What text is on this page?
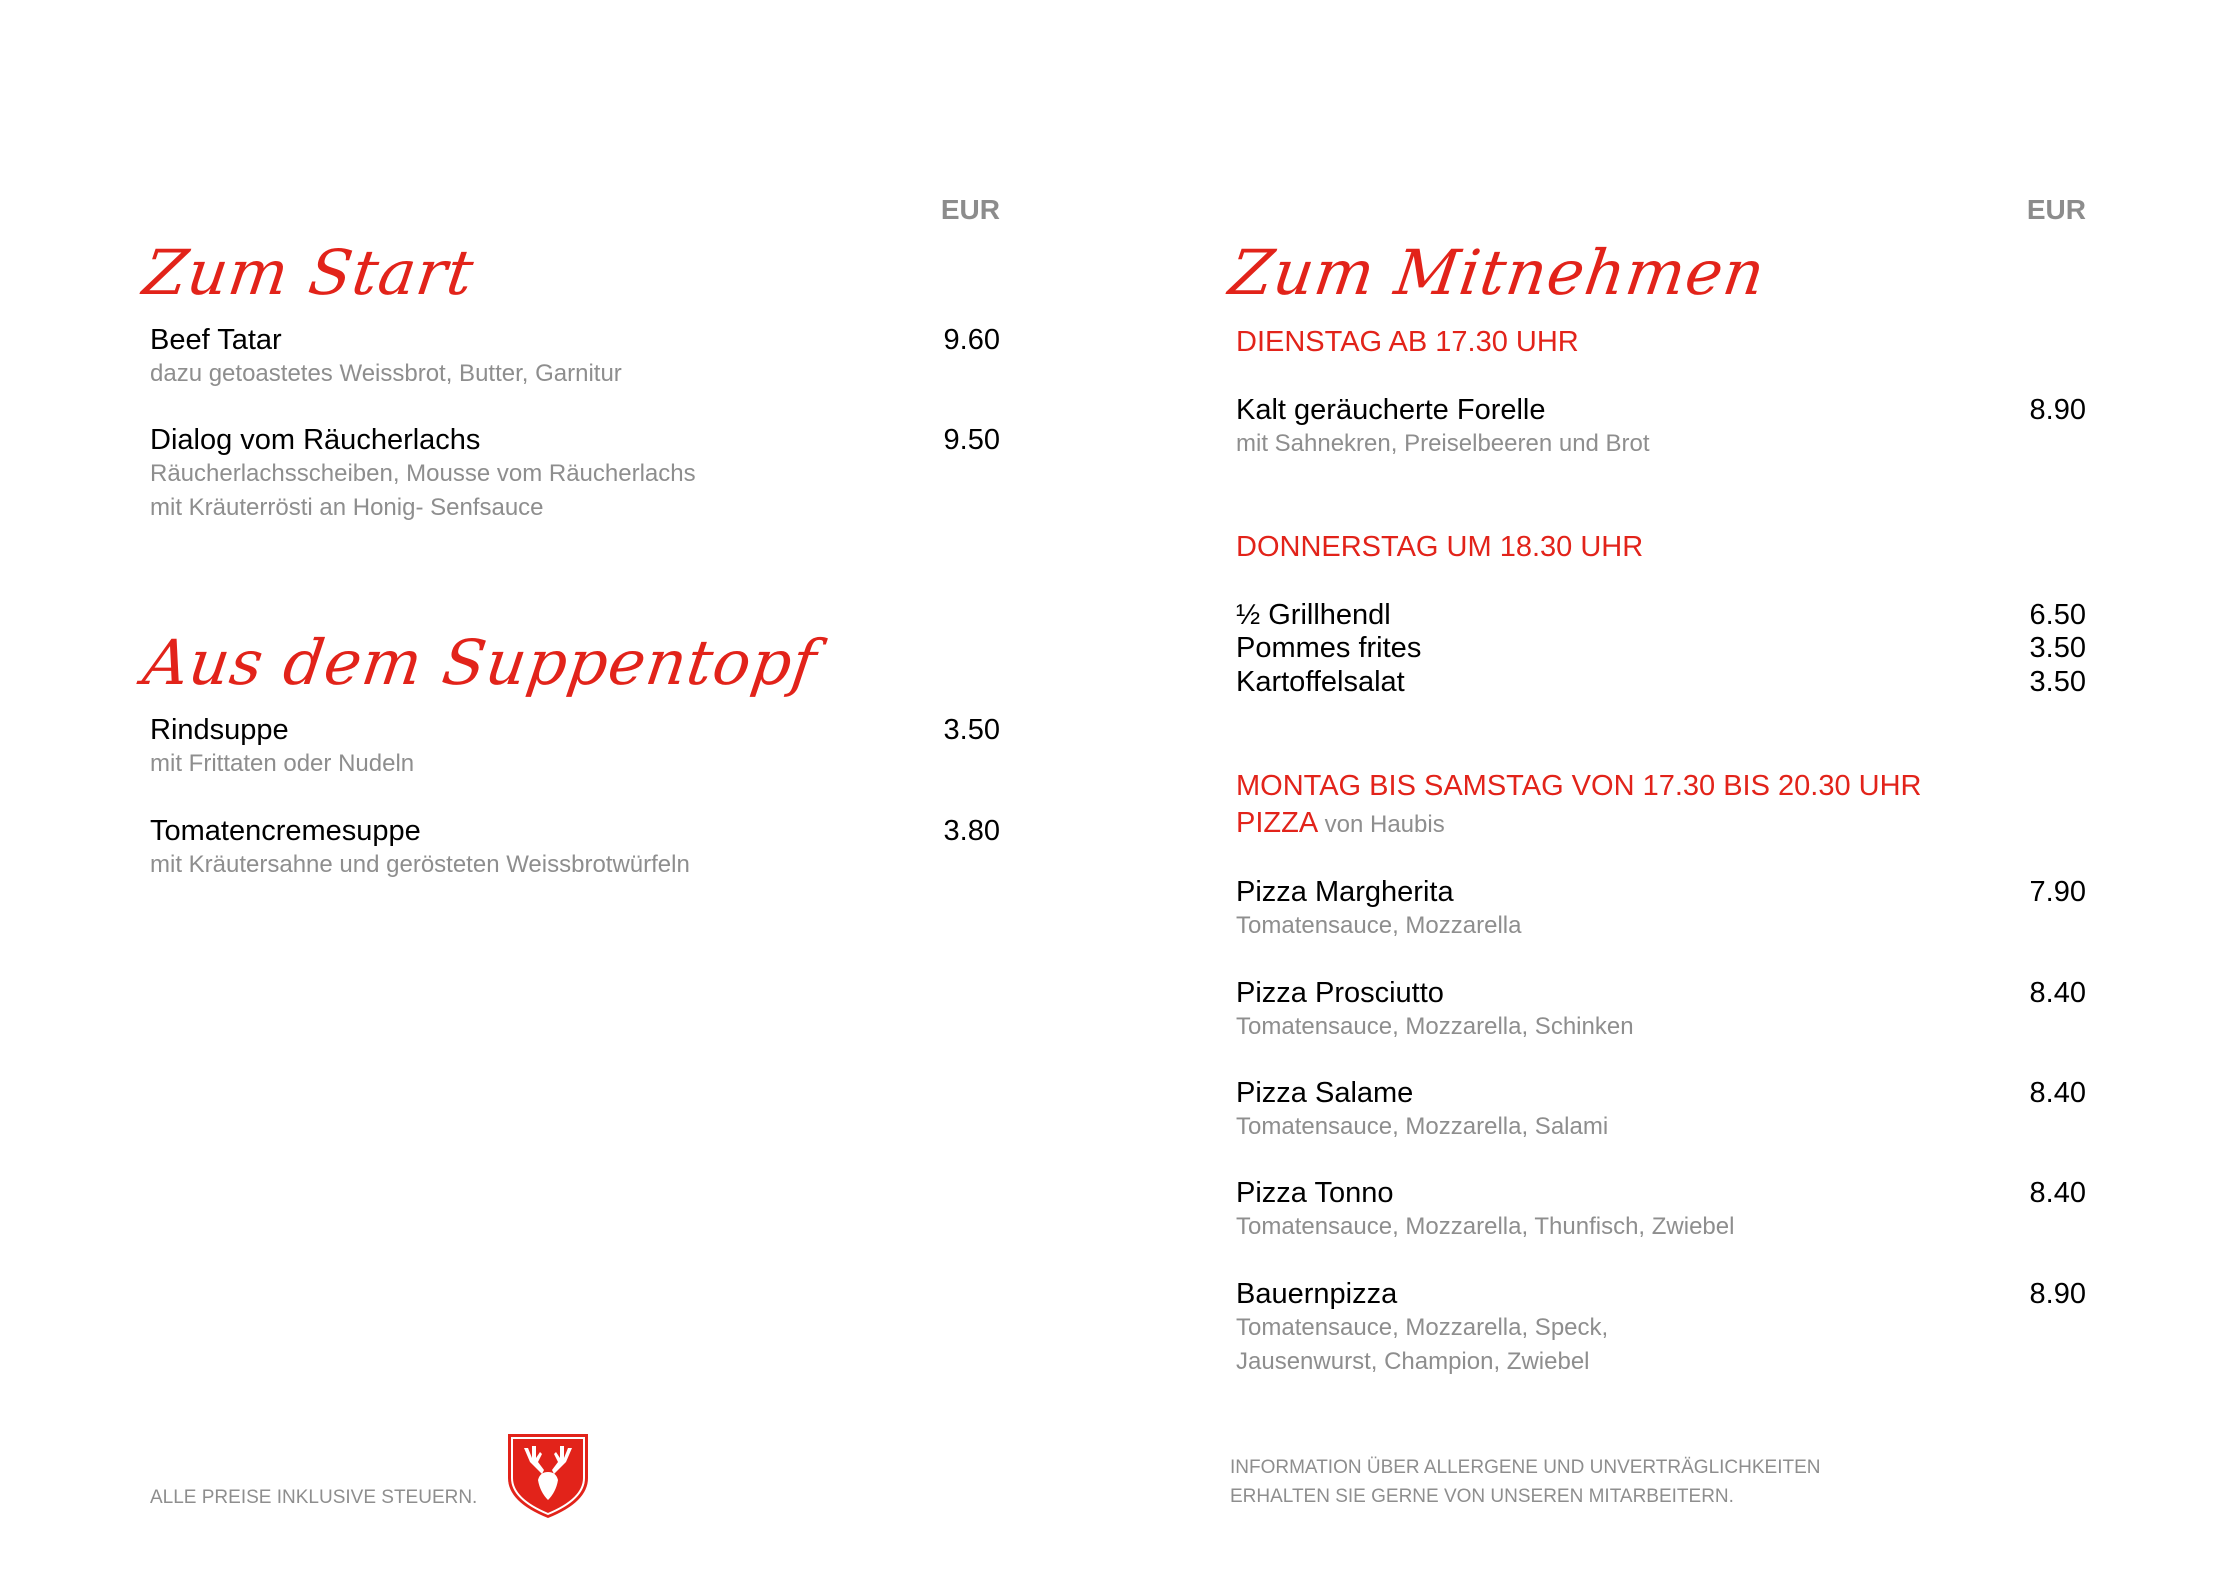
EUR
Zum Start
Beef Tatar	9.60
dazu getoastetes Weissbrot, Butter, Garnitur
Dialog vom Räucherlachs	9.50
Räucherlachsscheiben, Mousse vom Räucherlachs
mit Kräuterrösti an Honig- Senfsauce
Aus dem Suppentopf
Rindsuppe	3.50
mit Frittaten oder Nudeln
Tomatencremesuppe	3.80
mit Kräutersahne und gerösteten Weissbrotwürfeln
ALLE PREISE INKLUSIVE STEUERN.
EUR
Zum Mitnehmen
DIENSTAG AB 17.30 UHR
Kalt geräucherte Forelle	8.90
mit Sahnekren, Preiselbeeren und Brot
DONNERSTAG UM 18.30 UHR
½ Grillhendl	6.50
Pommes frites	3.50
Kartoffelsalat	3.50
MONTAG BIS SAMSTAG VON 17.30 BIS 20.30 UHR
PIZZA von Haubis
Pizza Margherita	7.90
Tomatensauce, Mozzarella
Pizza Prosciutto	8.40
Tomatensauce, Mozzarella, Schinken
Pizza Salame	8.40
Tomatensauce, Mozzarella, Salami
Pizza Tonno	8.40
Tomatensauce, Mozzarella, Thunfisch, Zwiebel
Bauernpizza	8.90
Tomatensauce, Mozzarella, Speck,
Jausenwurst, Champion, Zwiebel
INFORMATION ÜBER ALLERGENE UND UNVERTRÄGLICHKEITEN
ERHALTEN SIE GERNE VON UNSEREN MITARBEITERN.
